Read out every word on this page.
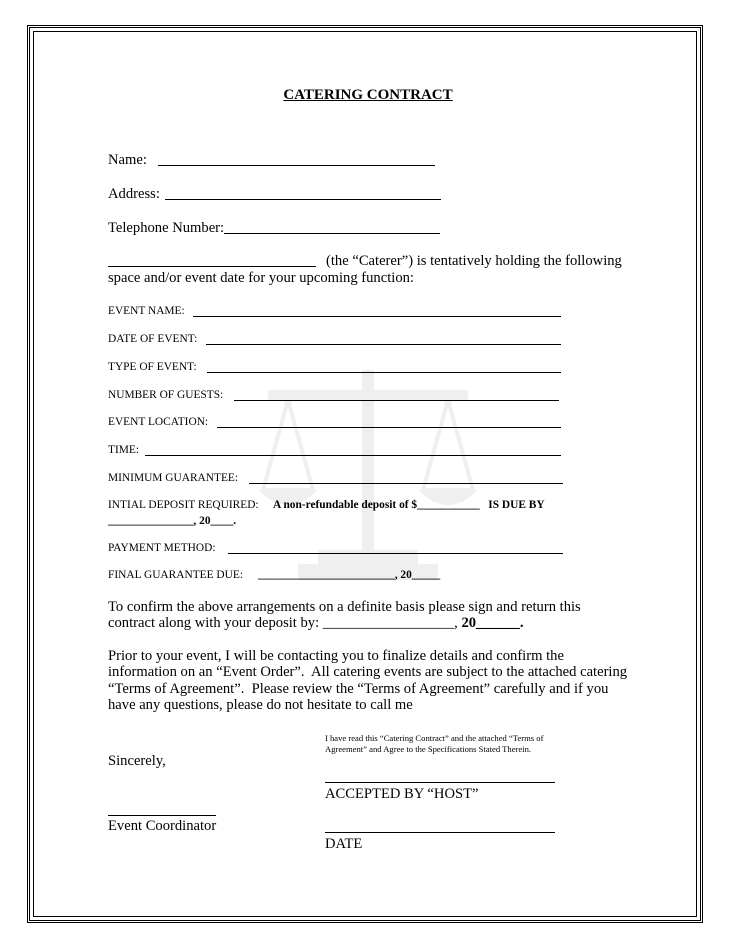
CATERING CONTRACT
Name:
Address:
Telephone Number:
(the “Caterer”) is tentatively holding the following
space and/or event date for your upcoming function:
EVENT NAME:
DATE OF EVENT:
TYPE OF EVENT:
NUMBER OF GUESTS:
EVENT LOCATION:
TIME:
MINIMUM GUARANTEE:
INTIAL DEPOSIT REQUIRED: A non-refundable deposit of $___________   IS DUE BY
_______________, 20____.
PAYMENT METHOD:
FINAL GUARANTEE DUE: ________________________, 20_____
To confirm the above arrangements on a definite basis please sign and return this
contract along with your deposit by: __________________, 20______.
Prior to your event, I will be contacting you to finalize details and confirm the
information on an “Event Order”.  All catering events are subject to the attached catering
“Terms of Agreement”.  Please review the “Terms of Agreement” carefully and if you
have any questions, please do not hesitate to call me
I have read this “Catering Contract” and the attached “Terms of
Agreement” and Agree to the Specifications Stated Therein.
Sincerely,
ACCEPTED BY “HOST”
Event Coordinator
DATE
